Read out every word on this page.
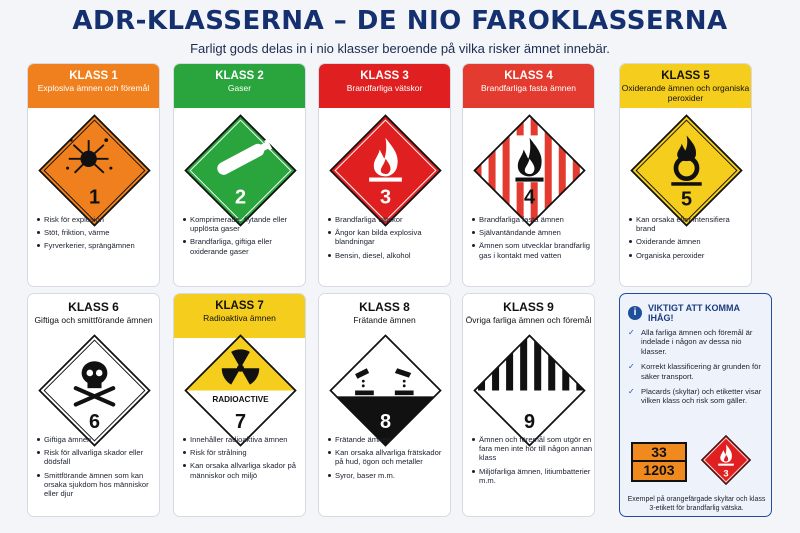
ADR-KLASSERNA – DE NIO FAROKLASSERNA
Farligt gods delas in i nio klasser beroende på vilka risker ämnet innebär.
KLASS 1
Explosiva ämnen och föremål
1
Risk för explosion
Stöt, friktion, värme
Fyrverkerier, sprängämnen
KLASS 2
Gaser
2
Komprimerade, flytande eller upplösta gaser
Brandfarliga, giftiga eller oxiderande gaser
KLASS 3
Brandfarliga vätskor
3
Brandfarliga vätskor
Ångor kan bilda explosiva blandningar
Bensin, diesel, alkohol
KLASS 4
Brandfarliga fasta ämnen
4
Brandfarliga fasta ämnen
Självantändande ämnen
Ämnen som utvecklar brandfarlig gas i kontakt med vatten
KLASS 5
Oxiderande ämnen och organiska peroxider
5
Kan orsaka eller intensifiera brand
Oxiderande ämnen
Organiska peroxider
KLASS 6
Giftiga och smittförande ämnen
6
Giftiga ämnen
Risk för allvarliga skador eller dödsfall
Smittförande ämnen som kan orsaka sjukdom hos människor eller djur
KLASS 7
Radioaktiva ämnen
RADIOACTIVE
7
Innehåller radioaktiva ämnen
Risk för strålning
Kan orsaka allvarliga skador på människor och miljö
KLASS 8
Frätande ämnen
8
Frätande ämnen
Kan orsaka allvarliga frätskador på hud, ögon och metaller
Syror, baser m.m.
KLASS 9
Övriga farliga ämnen och föremål
9
Ämnen och föremål som utgör en fara men inte hör till någon annan klass
Miljöfarliga ämnen, litiumbatterier m.m.
i	VIKTIGT ATT KOMMA IHÅG!
✓ Alla farliga ämnen och föremål är indelade i någon av dessa nio klasser.
✓ Korrekt klassificering är grunden för säker transport.
✓ Placards (skyltar) och etiketter visar vilken klass och risk som gäller.
33
1203	3
Exempel på orangefärgade skyltar och klass 3-etikett för brandfarlig vätska.
